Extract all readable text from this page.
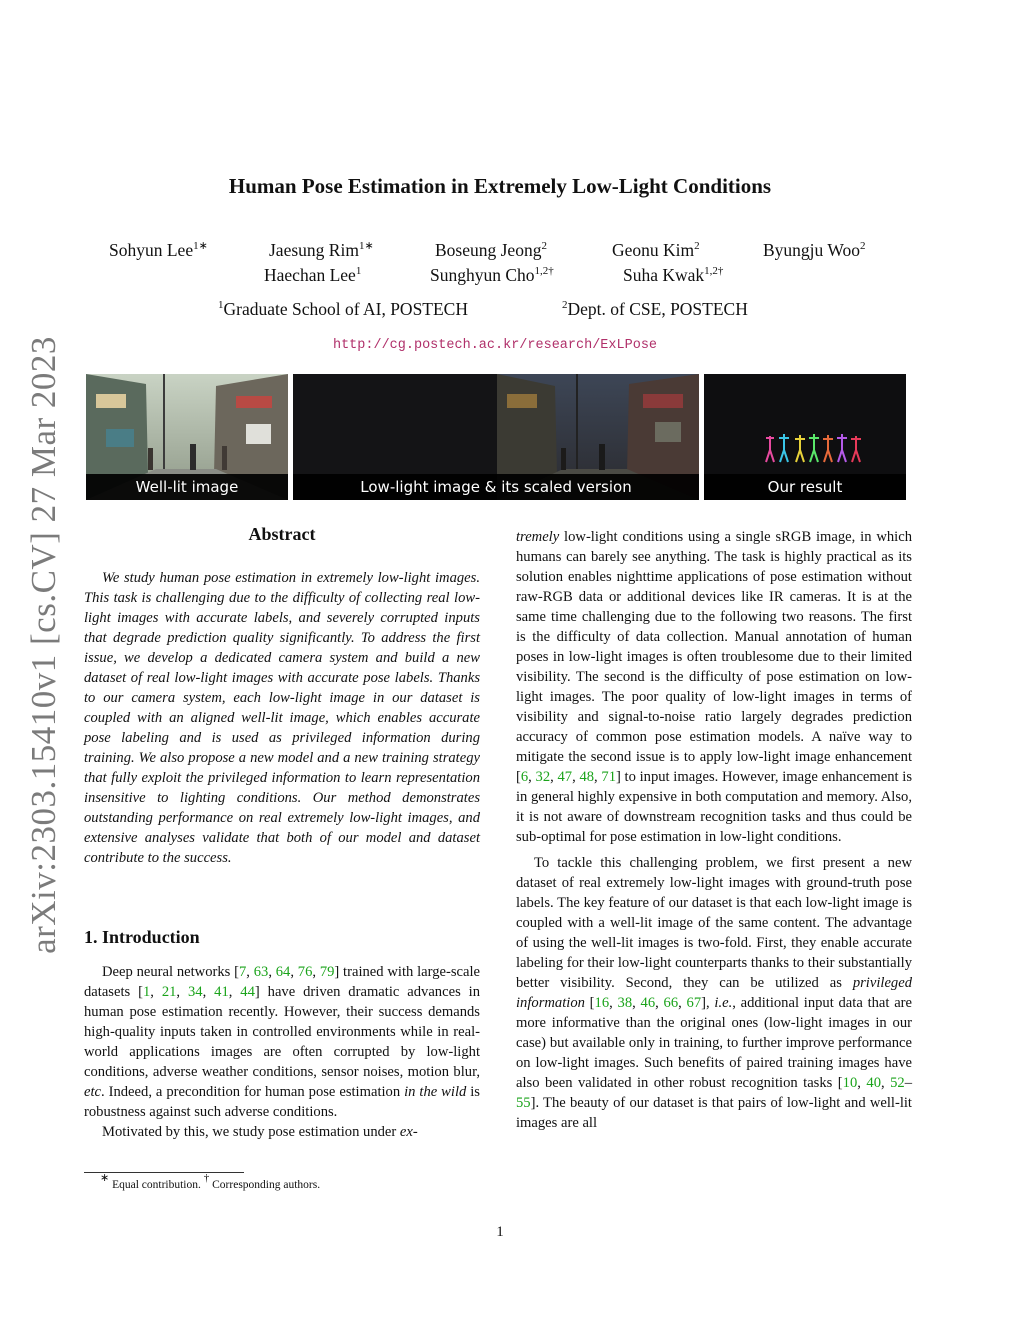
arXiv:2303.15410v1 [cs.CV] 27 Mar 2023
Human Pose Estimation in Extremely Low-Light Conditions
Sohyun Lee$^{1∗}$	Jaesung Rim$^{1∗}$	Boseung Jeong$^2$	Geonu Kim$^2$	Byungju Woo$^2$
Haechan Lee$^1$	Sunghyun Cho$^{1,2\dagger}$	Suha Kwak$^{1,2\dagger}$
$^1$Graduate School of AI, POSTECH	$^2$Dept. of CSE, POSTECH
http://cg.postech.ac.kr/research/ExLPose
Well-lit image	Low-light image & its scaled version	Our result
Abstract

We study human pose estimation in extremely low-light images. This task is challenging due to the difficulty of collecting real low-light images with accurate labels, and severely corrupted inputs that degrade prediction quality significantly. To address the first issue, we develop a dedicated camera system and build a new dataset of real low-light images with accurate pose labels. Thanks to our camera system, each low-light image in our dataset is coupled with an aligned well-lit image, which enables accurate pose labeling and is used as privileged information during training. We also propose a new model and a new training strategy that fully exploit the privileged information to learn representation insensitive to lighting conditions. Our method demonstrates outstanding performance on real extremely low-light images, and extensive analyses validate that both of our model and dataset contribute to the success.

1. Introduction

Deep neural networks [7, 63, 64, 76, 79] trained with large-scale datasets [1, 21, 34, 41, 44] have driven dramatic advances in human pose estimation recently. However, their success demands high-quality inputs taken in controlled environments while in real-world applications images are often corrupted by low-light conditions, adverse weather conditions, sensor noises, motion blur, etc. Indeed, a precondition for human pose estimation in the wild is robustness against such adverse conditions.

Motivated by this, we study pose estimation under ex-

tremely low-light conditions using a single sRGB image, in which humans can barely see anything. The task is highly practical as its solution enables nighttime applications of pose estimation without raw-RGB data or additional devices like IR cameras. It is at the same time challenging due to the following two reasons. The first is the difficulty of data collection. Manual annotation of human poses in low-light images is often troublesome due to their limited visibility. The second is the difficulty of pose estimation on low-light images. The poor quality of low-light images in terms of visibility and signal-to-noise ratio largely degrades prediction accuracy of common pose estimation models. A naïve way to mitigate the second issue is to apply low-light image enhancement [6, 32, 47, 48, 71] to input images. However, image enhancement is in general highly expensive in both computation and memory. Also, it is not aware of downstream recognition tasks and thus could be sub-optimal for pose estimation in low-light conditions.

To tackle this challenging problem, we first present a new dataset of real extremely low-light images with ground-truth pose labels. The key feature of our dataset is that each low-light image is coupled with a well-lit image of the same content. The advantage of using the well-lit images is two-fold. First, they enable accurate labeling for their low-light counterparts thanks to their substantially better visibility. Second, they can be utilized as privileged information [16, 38, 46, 66, 67], i.e., additional input data that are more informative than the original ones (low-light images in our case) but available only in training, to further improve performance on low-light images. Such benefits of paired training images have also been validated in other robust recognition tasks [10, 40, 52–55]. The beauty of our dataset is that pairs of low-light and well-lit images are all

∗ Equal contribution. † Corresponding authors.
1
